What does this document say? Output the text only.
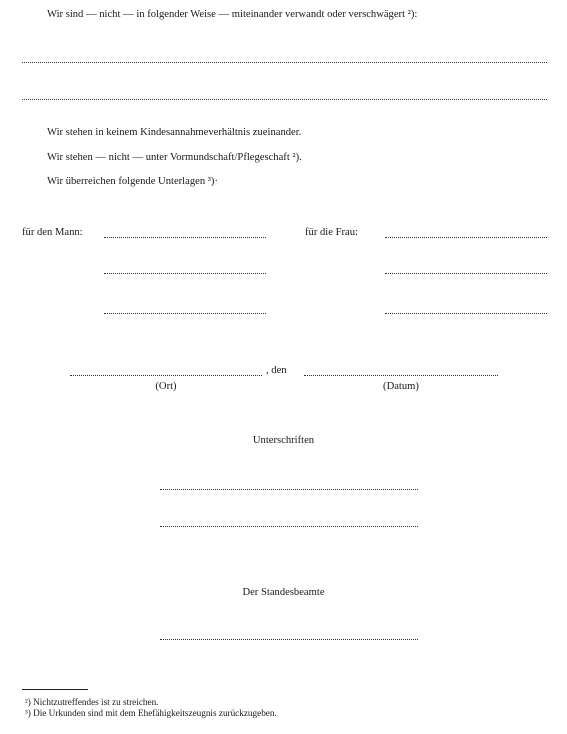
Wir sind — nicht — in folgender Weise — miteinander verwandt oder verschwägert ²):
Wir stehen in keinem Kindesannahmeverhältnis zueinander.
Wir stehen — nicht — unter Vormundschaft/Pflegeschaft ²).
Wir überreichen folgende Unterlagen ³)·
für den Mann:	für die Frau:
, den
(Ort)	(Datum)
Unterschriften
Der Standesbeamte
²) Nichtzutreffendes ist zu streichen.
³) Die Urkunden sind mit dem Ehefähigkeitszeugnis zurückzugeben.
